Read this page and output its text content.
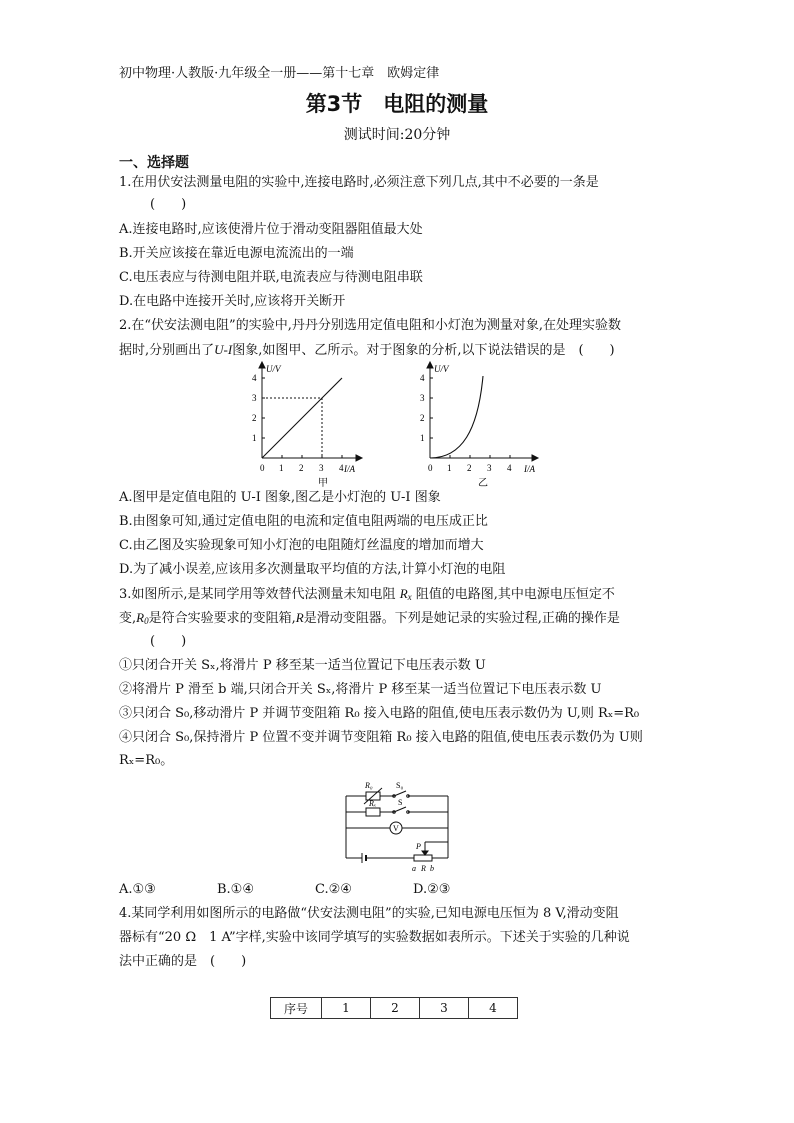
初中物理·人教版·九年级全一册——第十七章　欧姆定律
第3节　电阻的测量
测试时间:20分钟
一、选择题
1.在用伏安法测量电阻的实验中,连接电路时,必须注意下列几点,其中不必要的一条是
(　　)
A.连接电路时,应该使滑片位于滑动变阻器阻值最大处
B.开关应该接在靠近电源电流流出的一端
C.电压表应与待测电阻并联,电流表应与待测电阻串联
D.在电路中连接开关时,应该将开关断开
2.在“伏安法测电阻”的实验中,丹丹分别选用定值电阻和小灯泡为测量对象,在处理实验数
据时,分别画出了U-I图象,如图甲、乙所示。对于图象的分析,以下说法错误的是　(　　)
U/V
I/A
0 1 2 3 4
1
2
3
4
甲
U/V
I/A
0 1 2 3 4
1
2
3
4
乙
A.图甲是定值电阻的 U-I 图象,图乙是小灯泡的 U-I 图象
B.由图象可知,通过定值电阻的电流和定值电阻两端的电压成正比
C.由乙图及实验现象可知小灯泡的电阻随灯丝温度的增加而增大
D.为了减小误差,应该用多次测量取平均值的方法,计算小灯泡的电阻
3.如图所示,是某同学用等效替代法测量未知电阻 $R_x$ 阻值的电路图,其中电源电压恒定不
变$,R_0$是符合实验要求的变阻箱,R是滑动变阻器。下列是她记录的实验过程,正确的操作是
(　　)
①只闭合开关 Sₓ,将滑片 P 移至某一适当位置记下电压表示数 U
②将滑片 P 滑至 b 端,只闭合开关 Sₓ,将滑片 P 移至某一适当位置记下电压表示数 U
③只闭合 S₀,移动滑片 P 并调节变阻箱 R₀ 接入电路的阻值,使电压表示数仍为 U,则 Rₓ=R₀
④只闭合 S₀,保持滑片 P 位置不变并调节变阻箱 R₀ 接入电路的阻值,使电压表示数仍为 U则
Rₓ=R₀。
R₀	S₀
Rₓ	S
V
P
a R b
A.①③	B.①④	C.②④	D.②③
4.某同学利用如图所示的电路做“伏安法测电阻”的实验,已知电源电压恒为 8 V,滑动变阻
器标有“20 Ω　1 A”字样,实验中该同学填写的实验数据如表所示。下述关于实验的几种说
法中正确的是　 (　　)
序号	1	2	3	4
